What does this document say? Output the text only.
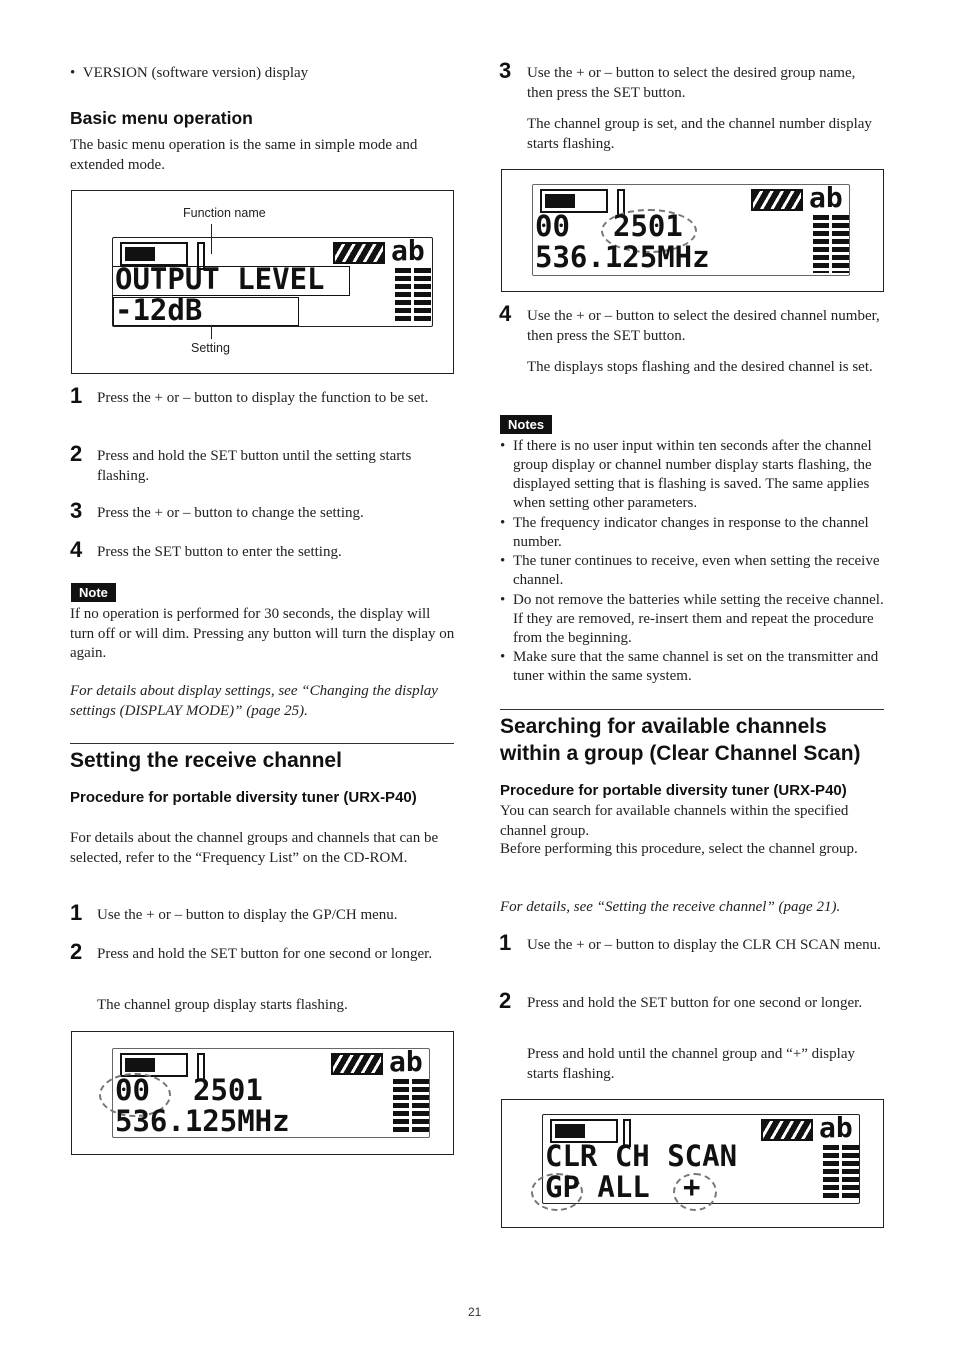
•  VERSION (software version) display
Basic menu operation
The basic menu operation is the same in simple mode and extended mode.
Function name
ab
OUTPUT LEVEL
-12dB
Setting
1 Press the + or – button to display the function to be set.
2 Press and hold the SET button until the setting starts flashing.
3 Press the + or – button to change the setting.
4 Press the SET button to enter the setting.
Note
If no operation is performed for 30 seconds, the display will turn off or will dim. Pressing any button will turn the display on again.
For details about display settings, see “Changing the display settings (DISPLAY MODE)” (page 25).
Setting the receive channel
Procedure for portable diversity tuner (URX-P40)
For details about the channel groups and channels that can be selected, refer to the “Frequency List” on the CD-ROM.
1 Use the + or – button to display the GP/CH menu.
2 Press and hold the SET button for one second or longer.
The channel group display starts flashing.
ab
00 2501
536.125MHz
3 Use the + or – button to select the desired group name, then press the SET button.
The channel group is set, and the channel number display starts flashing.
ab
00 2501
536.125MHz
4 Use the + or – button to select the desired channel number, then press the SET button.
The displays stops flashing and the desired channel is set.
Notes
• If there is no user input within ten seconds after the channel group display or channel number display starts flashing, the displayed setting that is flashing is saved. The same applies when setting other parameters.
• The frequency indicator changes in response to the channel number.
• The tuner continues to receive, even when setting the receive channel.
• Do not remove the batteries while setting the receive channel. If they are removed, re-insert them and repeat the procedure from the beginning.
• Make sure that the same channel is set on the transmitter and tuner within the same system.
Searching for available channels within a group (Clear Channel Scan)
Procedure for portable diversity tuner (URX-P40)
You can search for available channels within the specified channel group.
Before performing this procedure, select the channel group.
For details, see “Setting the receive channel” (page 21).
1 Use the + or – button to display the CLR CH SCAN menu.
2 Press and hold the SET button for one second or longer.
Press and hold until the channel group and “+” display starts flashing.
ab
CLR CH SCAN
GP ALL +
21
